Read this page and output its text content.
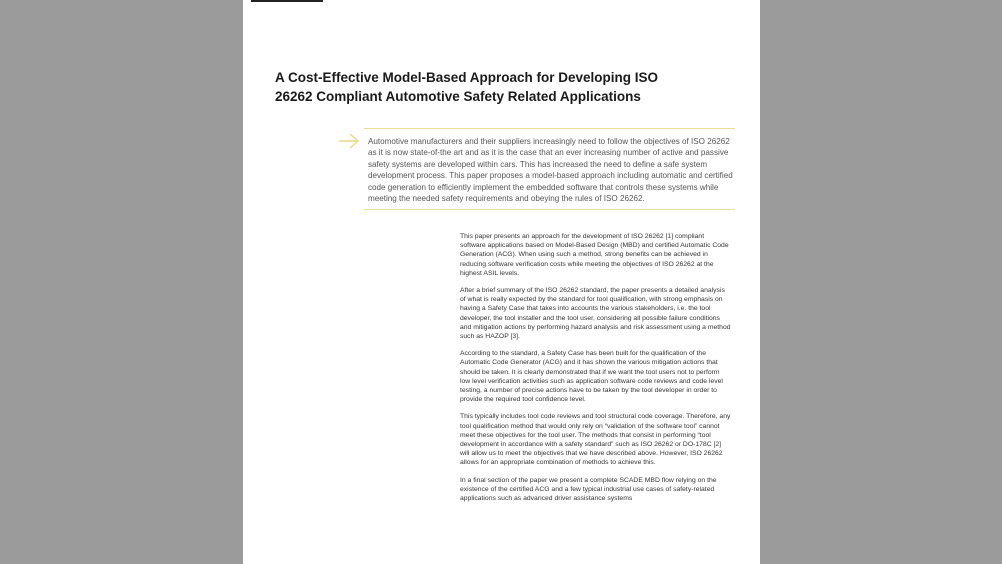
A Cost-Effective Model-Based Approach for Developing ISO 26262 Compliant Automotive Safety Related Applications

Automotive manufacturers and their suppliers increasingly need to follow the objectives of ISO 26262 as it is now state-of-the art and as it is the case that an ever increasing number of active and passive safety systems are developed within cars. This has increased the need to define a safe system development process. This paper proposes a model-based approach including automatic and certified code generation to efficiently implement the embedded software that controls these systems while meeting the needed safety requirements and obeying the rules of ISO 26262.

This paper presents an approach for the development of ISO 26262 [1] compliant software applications based on Model-Based Design (MBD) and certified Automatic Code Generation (ACG). When using such a method, strong benefits can be achieved in reducing software verification costs while meeting the objectives of ISO 26262 at the highest ASIL levels.

After a brief summary of the ISO 26262 standard, the paper presents a detailed analysis of what is really expected by the standard for tool qualification, with strong emphasis on having a Safety Case that takes into accounts the various stakeholders, i.e. the tool developer, the tool installer and the tool user, considering all possible failure conditions and mitigation actions by performing hazard analysis and risk assessment using a method such as HAZOP [3].

According to the standard, a Safety Case has been built for the qualification of the Automatic Code Generator (ACG) and it has shown the various mitigation actions that should be taken. It is clearly demonstrated that if we want the tool users not to perform low level verification activities such as application software code reviews and code level testing, a number of precise actions have to be taken by the tool developer in order to provide the required tool confidence level.

This typically includes tool code reviews and tool structural code coverage. Therefore, any tool qualification method that would only rely on “validation of the software tool” cannot meet these objectives for the tool user. The methods that consist in performing “tool development in accordance with a safety standard” such as ISO 26262 or DO-178C [2] will allow us to meet the objectives that we have described above. However, ISO 26262 allows for an appropriate combination of methods to achieve this.

In a final section of the paper we present a complete SCADE MBD flow relying on the existence of the certified ACG and a few typical industrial use cases of safety-related applications such as advanced driver assistance systems
